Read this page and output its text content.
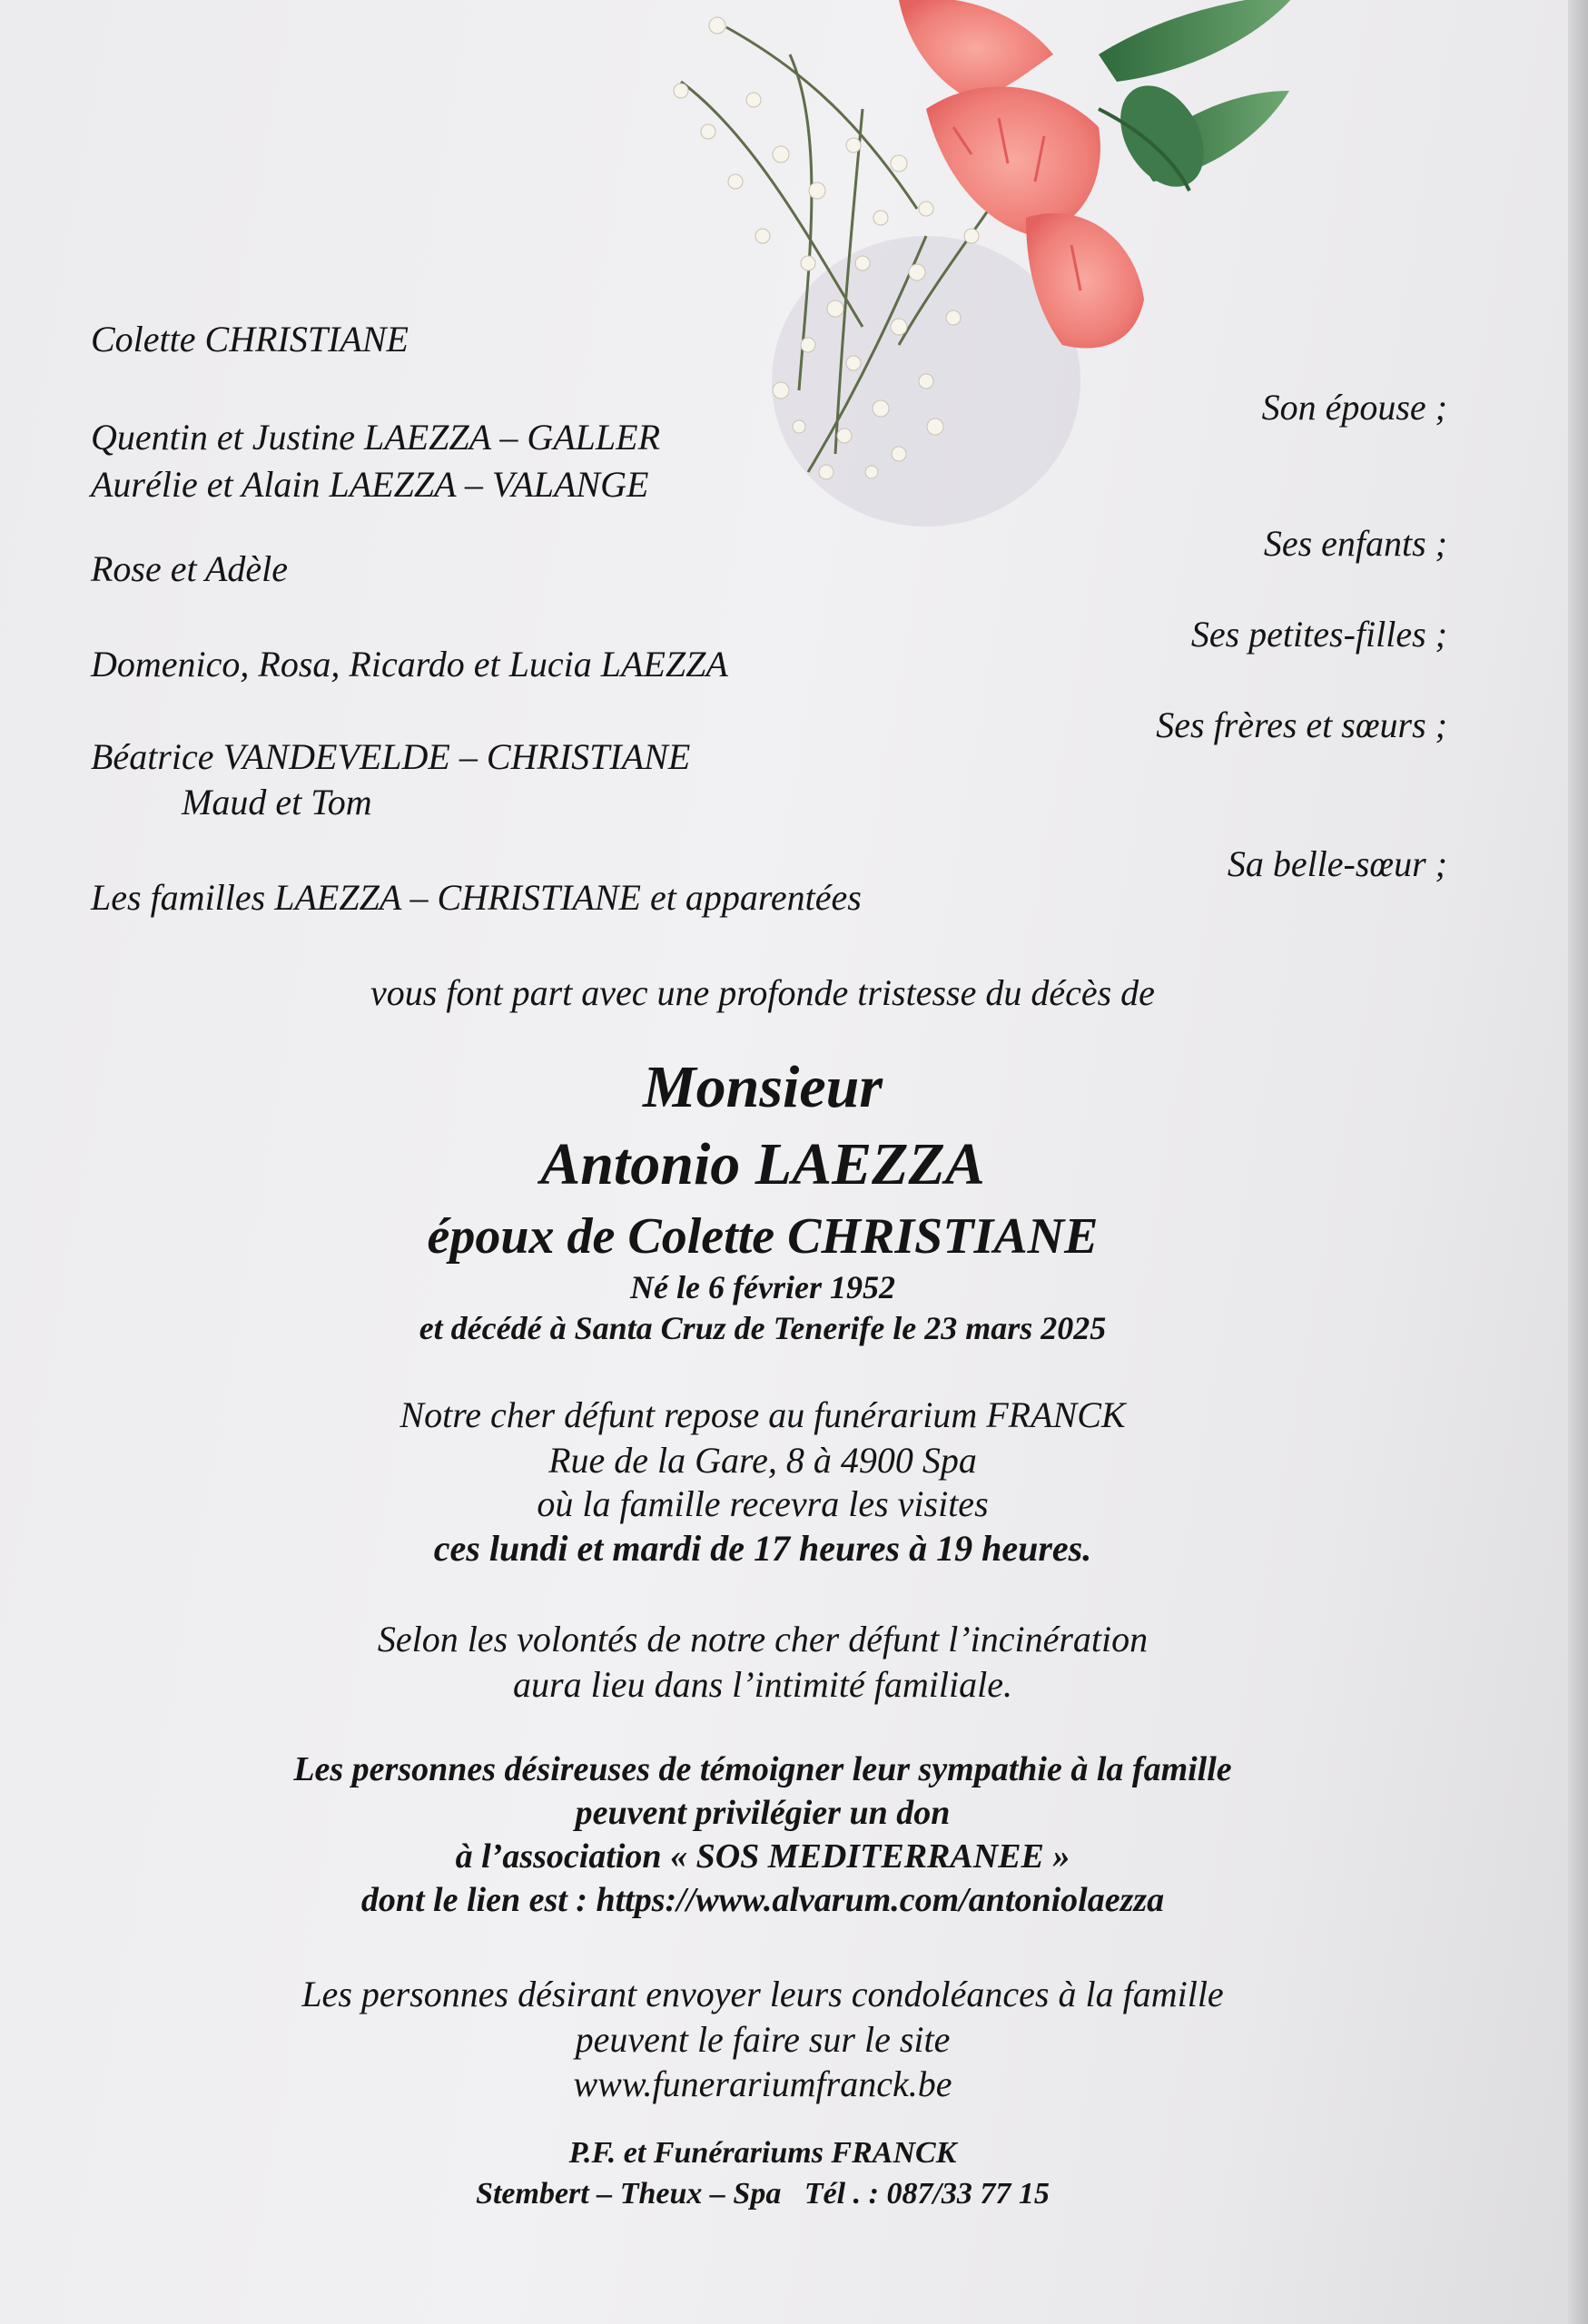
Colette CHRISTIANE
Quentin et Justine LAEZZA – GALLER
Aurélie et Alain LAEZZA – VALANGE
Rose et Adèle
Domenico, Rosa, Ricardo et Lucia LAEZZA
Béatrice VANDEVELDE – CHRISTIANE
Maud et Tom
Les familles LAEZZA – CHRISTIANE et apparentées
Son épouse ;
Ses enfants ;
Ses petites-filles ;
Ses frères et sœurs ;
Sa belle-sœur ;
vous font part avec une profonde tristesse du décès de
Monsieur
Antonio LAEZZA
époux de Colette CHRISTIANE
Né le 6 février 1952
et décédé à Santa Cruz de Tenerife le 23 mars 2025
Notre cher défunt repose au funérarium FRANCK
Rue de la Gare, 8 à 4900 Spa
où la famille recevra les visites
ces lundi et mardi de 17 heures à 19 heures.
Selon les volontés de notre cher défunt l’incinération
aura lieu dans l’intimité familiale.
Les personnes désireuses de témoigner leur sympathie à la famille
peuvent privilégier un don
à l’association « SOS MEDITERRANEE »
dont le lien est : https://www.alvarum.com/antoniolaezza
Les personnes désirant envoyer leurs condoléances à la famille
peuvent le faire sur le site
www.funerariumfranck.be
P.F. et Funérariums FRANCK
Stembert – Theux – Spa   Tél . : 087/33 77 15
